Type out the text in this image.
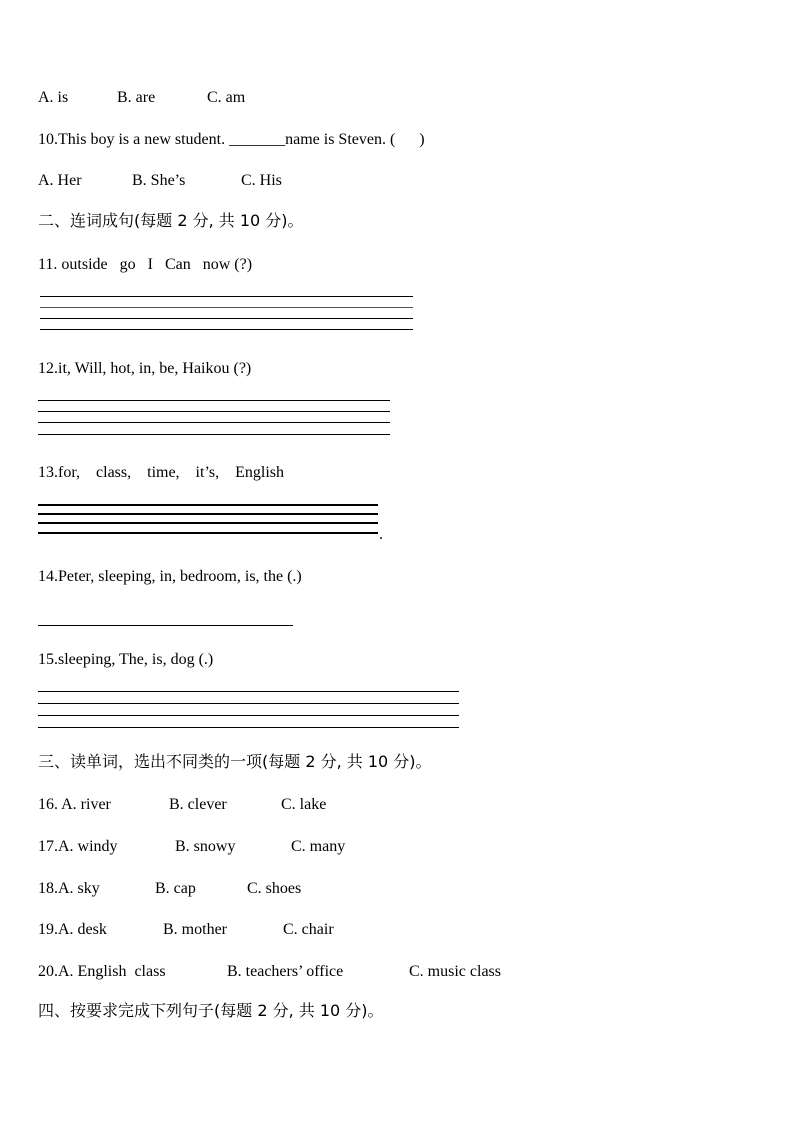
A. is	B. are	C. am
10.This boy is a new student. _______name is Steven. (      )
A. Her	B. She’s	C. His
二、连词成句(每题 2 分, 共 10 分)。
11. outside   go   I   Can   now (?)
12.it, Will, hot, in, be, Haikou (?)
13.for,    class,    time,    it’s,    English
.
14.Peter, sleeping, in, bedroom, is, the (.)
15.sleeping, The, is, dog (.)
三、读单词，选出不同类的一项(每题 2 分, 共 10 分)。
16. A. river	B. clever	C. lake
17.A. windy	B. snowy	C. many
18.A. sky	B. cap	C. shoes
19.A. desk	B. mother	C. chair
20.A. English  class	B. teachers’ office	C. music class
四、按要求完成下列句子(每题 2 分, 共 10 分)。
